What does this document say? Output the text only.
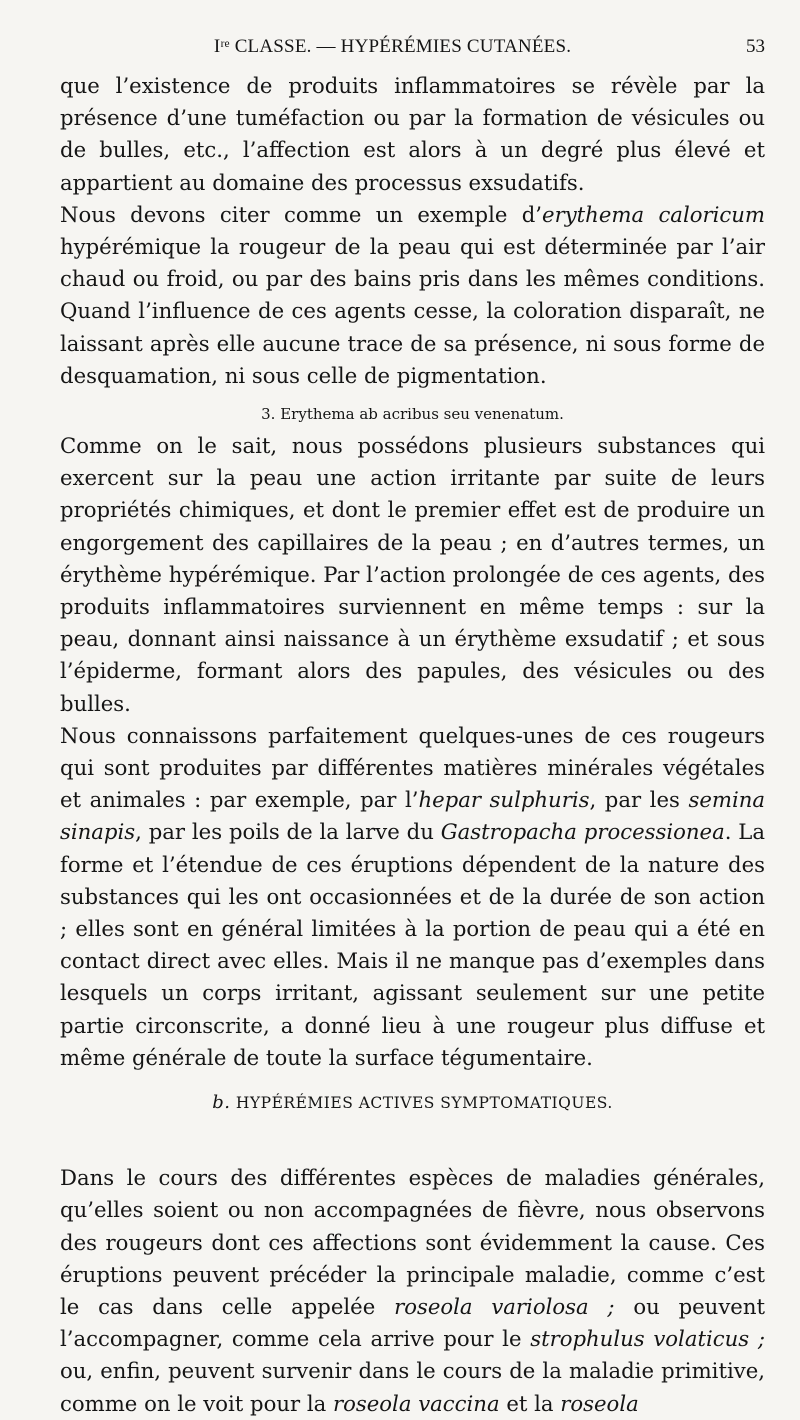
Iʳᵉ CLASSE. — HYPÉRÉMIES CUTANÉES.	53

que l’existence de produits inflammatoires se révèle par la présence d’une tuméfaction ou par la formation de vésicules ou de bulles, etc., l’affection est alors à un degré plus élevé et appartient au domaine des processus exsudatifs.

Nous devons citer comme un exemple d’erythema caloricum hypérémique la rougeur de la peau qui est déterminée par l’air chaud ou froid, ou par des bains pris dans les mêmes conditions. Quand l’influence de ces agents cesse, la coloration disparaît, ne laissant après elle aucune trace de sa présence, ni sous forme de desquamation, ni sous celle de pigmentation.

3. Erythema ab acribus seu venenatum.

Comme on le sait, nous possédons plusieurs substances qui exercent sur la peau une action irritante par suite de leurs propriétés chimiques, et dont le premier effet est de produire un engorgement des capillaires de la peau ; en d’autres termes, un érythème hypérémique. Par l’action prolongée de ces agents, des produits inflammatoires surviennent en même temps : sur la peau, donnant ainsi naissance à un érythème exsudatif ; et sous l’épiderme, formant alors des papules, des vésicules ou des bulles.

Nous connaissons parfaitement quelques-unes de ces rougeurs qui sont produites par différentes matières minérales végétales et animales : par exemple, par l’hepar sulphuris, par les semina sinapis, par les poils de la larve du Gastropacha processionea. La forme et l’étendue de ces éruptions dépendent de la nature des substances qui les ont occasionnées et de la durée de son action ; elles sont en général limitées à la portion de peau qui a été en contact direct avec elles. Mais il ne manque pas d’exemples dans lesquels un corps irritant, agissant seulement sur une petite partie circonscrite, a donné lieu à une rougeur plus diffuse et même générale de toute la surface tégumentaire.

b. HYPÉRÉMIES ACTIVES SYMPTOMATIQUES.

Dans le cours des différentes espèces de maladies générales, qu’elles soient ou non accompagnées de fièvre, nous observons des rougeurs dont ces affections sont évidemment la cause. Ces éruptions peuvent précéder la principale maladie, comme c’est le cas dans celle appelée roseola variolosa ; ou peuvent l’accompagner, comme cela arrive pour le strophulus volaticus ; ou, enfin, peuvent survenir dans le cours de la maladie primitive, comme on le voit pour la roseola vaccina et la roseola
